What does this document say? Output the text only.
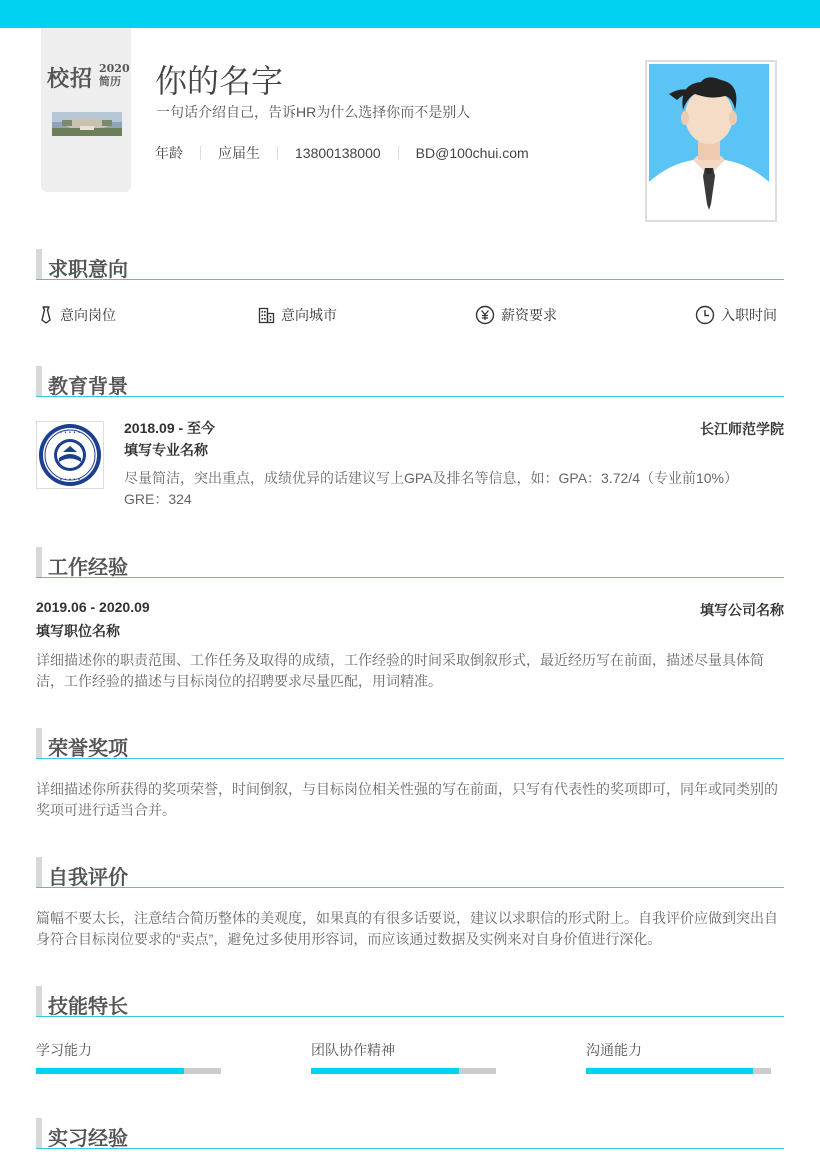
校招 2020
简历 你的名字
一句话介绍自己，告诉HR为什么选择你而不是别人
年龄	应届生	13800138000	BD@100chui.com
求职意向
意向岗位	意向城市	薪资要求	入职时间
教育背景
• • • • •
• • • • •
2018.09 - 至今	长江师范学院
填写专业名称
尽量简洁，突出重点，成绩优异的话建议写上GPA及排名等信息，如：GPA：3.72/4（专业前10%） GRE：324
工作经验
2019.06 - 2020.09	填写公司名称
填写职位名称
详细描述你的职责范围、工作任务及取得的成绩，工作经验的时间采取倒叙形式，最近经历写在前面，描述尽量具体简洁，工作经验的描述与目标岗位的招聘要求尽量匹配，用词精准。
荣誉奖项
详细描述你所获得的奖项荣誉，时间倒叙，与目标岗位相关性强的写在前面，只写有代表性的奖项即可，同年或同类别的奖项可进行适当合并。
自我评价
篇幅不要太长，注意结合简历整体的美观度，如果真的有很多话要说，建议以求职信的形式附上。自我评价应做到突出自身符合目标岗位要求的“卖点”，避免过多使用形容词，而应该通过数据及实例来对自身价值进行深化。
技能特长
学习能力	团队协作精神	沟通能力
实习经验
